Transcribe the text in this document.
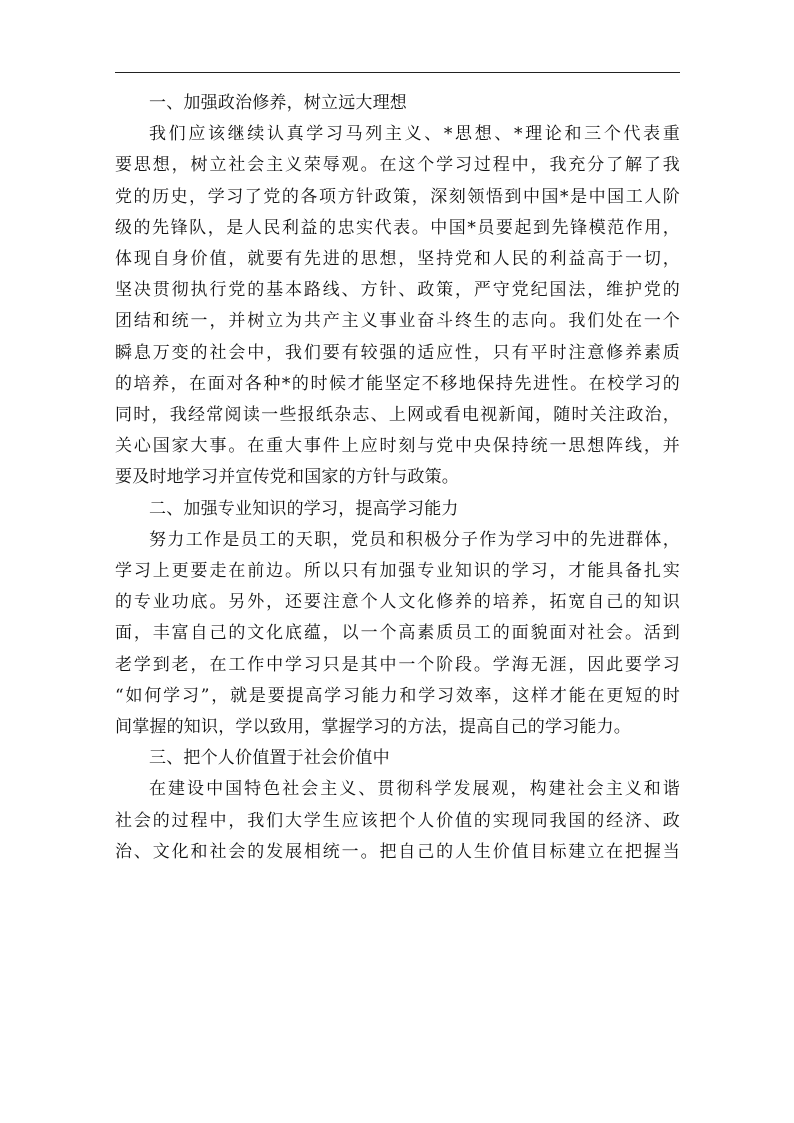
一、加强政治修养，树立远大理想
我们应该继续认真学习马列主义、*思想、*理论和三个代表重
要思想，树立社会主义荣辱观。在这个学习过程中，我充分了解了我
党的历史，学习了党的各项方针政策，深刻领悟到中国*是中国工人阶
级的先锋队，是人民利益的忠实代表。中国*员要起到先锋模范作用，
体现自身价值，就要有先进的思想，坚持党和人民的利益高于一切，
坚决贯彻执行党的基本路线、方针、政策，严守党纪国法，维护党的
团结和统一，并树立为共产主义事业奋斗终生的志向。我们处在一个
瞬息万变的社会中，我们要有较强的适应性，只有平时注意修养素质
的培养，在面对各种*的时候才能坚定不移地保持先进性。在校学习的
同时，我经常阅读一些报纸杂志、上网或看电视新闻，随时关注政治，
关心国家大事。在重大事件上应时刻与党中央保持统一思想阵线，并
要及时地学习并宣传党和国家的方针与政策。
二、加强专业知识的学习，提高学习能力
努力工作是员工的天职，党员和积极分子作为学习中的先进群体，
学习上更要走在前边。所以只有加强专业知识的学习，才能具备扎实
的专业功底。另外，还要注意个人文化修养的培养，拓宽自己的知识
面，丰富自己的文化底蕴，以一个高素质员工的面貌面对社会。活到
老学到老，在工作中学习只是其中一个阶段。学海无涯，因此要学习
“如何学习”，就是要提高学习能力和学习效率，这样才能在更短的时
间掌握的知识，学以致用，掌握学习的方法，提高自己的学习能力。
三、把个人价值置于社会价值中
在建设中国特色社会主义、贯彻科学发展观，构建社会主义和谐
社会的过程中，我们大学生应该把个人价值的实现同我国的经济、政
治、文化和社会的发展相统一。把自己的人生价值目标建立在把握当
